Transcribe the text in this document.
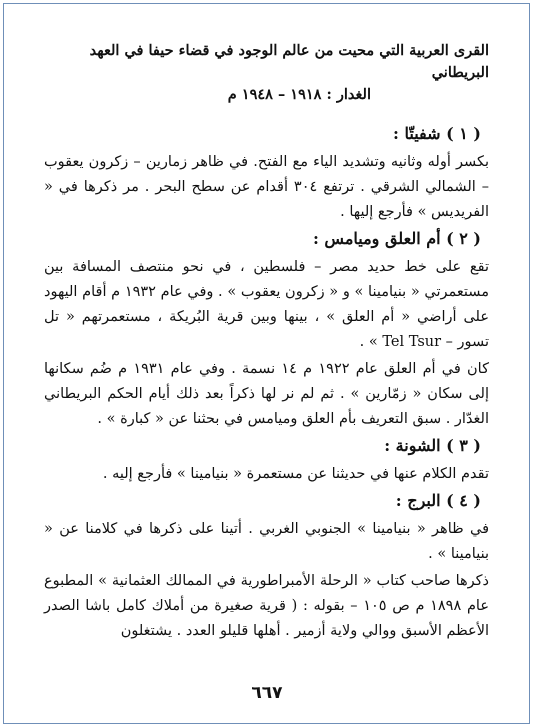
القرى العربية التي محيت من عالم الوجود في قضاء حيفا في العهد البريطاني

الغدار : ١٩١٨ – ١٩٤٨ م

( ١ ) شفيتّا :

بكسر أوله وثانيه وتشديد الياء مع الفتح. في ظاهر زمارين – زكرون يعقوب – الشمالي الشرقي . ترتفع ٣٠٤ أقدام عن سطح البحر . مر ذكرها في « الفريديس » فأرجع إليها .

( ٢ ) أم العلق وميامس :

تقع على خط حديد مصر – فلسطين ، في نحو منتصف المسافة بين مستعمرتي « بنيامينا » و « زكرون يعقوب » . وفي عام ١٩٣٢ م أقام اليهود على أراضي « أم العلق » ، بينها وبين قرية البُريكة ، مستعمرتهم « تل تسور – Tel Tsur » .

كان في أم العلق عام ١٩٢٢ م ١٤ نسمة . وفي عام ١٩٣١ م ضُم سكانها إلى سكان « زمّارين » . ثم لم نر لها ذكراً بعد ذلك أيام الحكم البريطاني الغدّار . سبق التعريف بأم العلق وميامس في بحثنا عن « كبارة » .

( ٣ ) الشونة :

تقدم الكلام عنها في حديثنا عن مستعمرة « بنيامينا » فأرجع إليه .

( ٤ ) البرج :

في ظاهر « بنيامينا » الجنوبي الغربي . أتينا على ذكرها في كلامنا عن « بنيامينا » .

ذكرها صاحب كتاب « الرحلة الأمبراطورية في الممالك العثمانية » المطبوع عام ١٨٩٨ م ص ١٠٥ – بقوله : ( قرية صغيرة من أملاك كامل باشا الصدر الأعظم الأسبق ووالي ولاية أزمير . أهلها قليلو العدد . يشتغلون

٦٦٧
